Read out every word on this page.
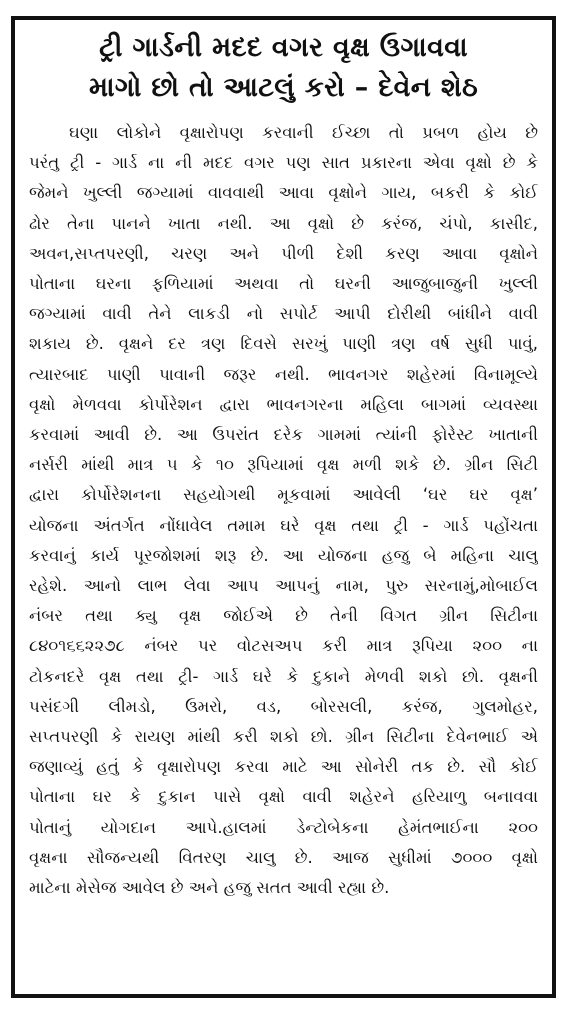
ટ્રી ગાર્ડની મદદ વગર વૃક્ષ ઉગાવવા
માગો છો તો આટલું કરો – દેવેન શેઠ
ઘણા લોકોને વૃક્ષારોપણ કરવાની ઈચ્છા તો પ્રબળ હોય છે
પરંતુ ટ્રી - ગાર્ડ ના ની મદદ વગર પણ સાત પ્રકારના એવા વૃક્ષો છે કે
જેમને ખુલ્લી જગ્યામાં વાવવાથી આવા વૃક્ષોને ગાય, બકરી કે કોઈ
ઢોર તેના પાનને ખાતા નથી. આ વૃક્ષો છે કરંજ, ચંપો, કાસીદ,
અવન,સપ્તપરણી, ચરણ અને પીળી દેશી કરણ આવા વૃક્ષોને
પોતાના ઘરના ફળિયામાં અથવા તો ઘરની આજુબાજુની ખુલ્લી
જગ્યામાં વાવી તેને લાકડી નો સપોર્ટ આપી દોરીથી બાંધીને વાવી
શકાય છે. વૃક્ષને દર ત્રણ દિવસે સરખું પાણી ત્રણ વર્ષ સુધી પાવું,
ત્યારબાદ પાણી પાવાની જરૂર નથી. ભાવનગર શહેરમાં વિનામૂલ્યે
વૃક્ષો મેળવવા કોર્પોરેશન દ્વારા ભાવનગરના મહિલા બાગમાં વ્યવસ્થા
કરવામાં આવી છે. આ ઉપરાંત દરેક ગામમાં ત્યાંની ફોરેસ્ટ ખાતાની
નર્સરી માંથી માત્ર ૫ કે ૧૦ રૂપિયામાં વૃક્ષ મળી શકે છે. ગ્રીન સિટી
દ્વારા કોર્પોરેશનના સહયોગથી મૂકવામાં આવેલી ‘ઘર ઘર વૃક્ષ’
યોજના અંતર્ગત નોંધાવેલ તમામ ઘરે વૃક્ષ તથા ટ્રી - ગાર્ડ પહોંચતા
કરવાનું કાર્ય પૂરજોશમાં શરૂ છે. આ યોજના હજુ બે મહિના ચાલુ
રહેશે. આનો લાભ લેવા આપ આપનું નામ, પુરુ સરનામું,મોબાઈલ
નંબર તથા ક્યુ વૃક્ષ જોઈએ છે તેની વિગત ગ્રીન સિટીના
૮૪૦૧૬૬૨૨૭૮ નંબર પર વોટસઅપ કરી માત્ર રૂપિયા ૨૦૦ ના
ટોકનદરે વૃક્ષ તથા ટ્રી- ગાર્ડ ઘરે કે દુકાને મેળવી શકો છો. વૃક્ષની
પસંદગી લીમડો, ઉમરો, વડ, બોરસલી, કરંજ, ગુલમોહર,
સપ્તપરણી કે રાયણ માંથી કરી શકો છો. ગ્રીન સિટીના દેવેનભાઈ એ
જણાવ્યું હતું કે વૃક્ષારોપણ કરવા માટે આ સોનેરી તક છે. સૌ કોઈ
પોતાના ઘર કે દુકાન પાસે વૃક્ષો વાવી શહેરને હરિયાળુ બનાવવા
પોતાનું યોગદાન આપે.હાલમાં ડેન્ટોબેકના હેમંતભાઈના ૨૦૦
વૃક્ષના સૌજન્યથી વિતરણ ચાલુ છે. આજ સુધીમાં ૭૦૦૦ વૃક્ષો
માટેના મેસેજ આવેલ છે અને હજુ સતત આવી રહ્યા છે.
